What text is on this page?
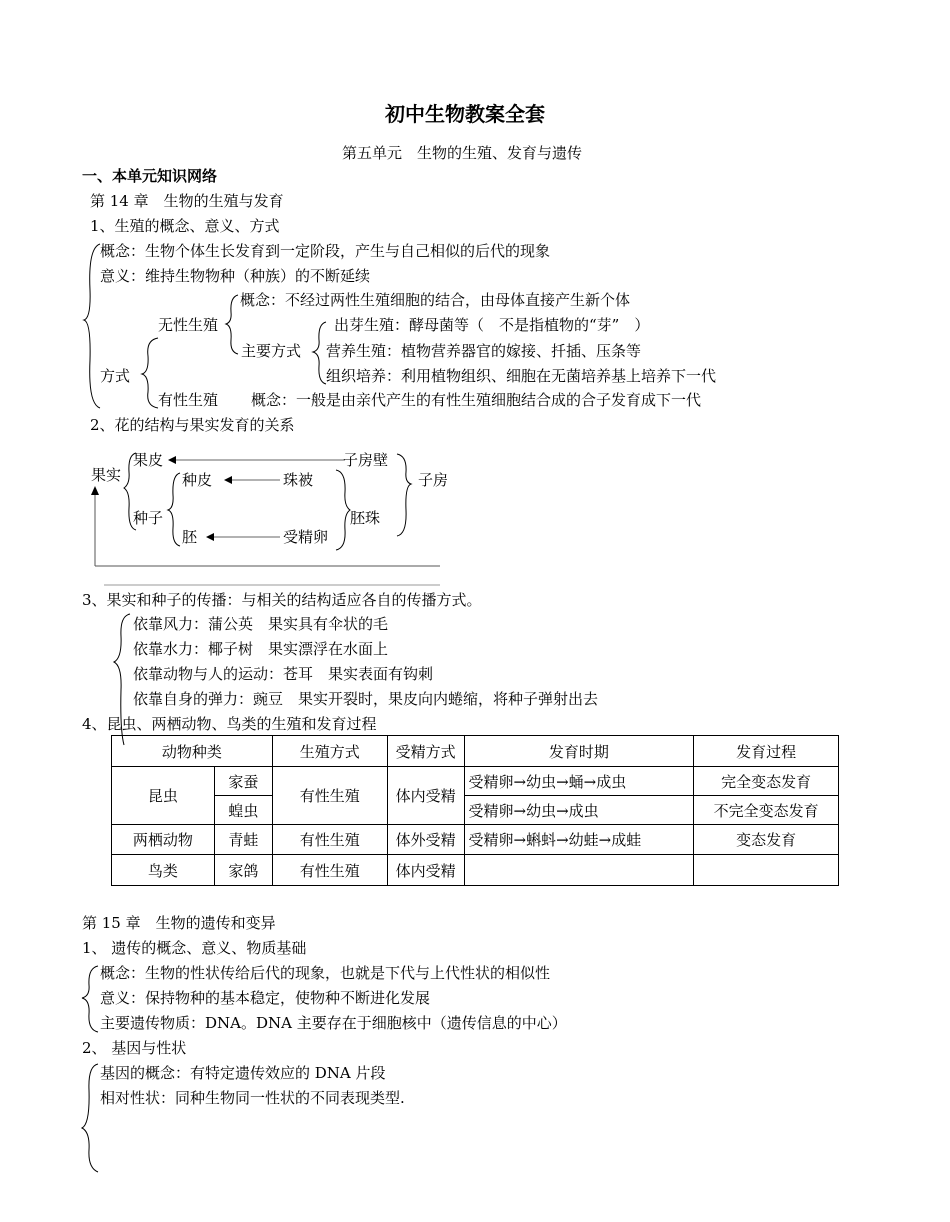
初中生物教案全套
第五单元　生物的生殖、发育与遗传
一、本单元知识网络
第 14 章　生物的生殖与发育
1、生殖的概念、意义、方式
概念：生物个体生长发育到一定阶段，产生与自己相似的后代的现象
意义：维持生物物种（种族）的不断延续
概念：不经过两性生殖细胞的结合，由母体直接产生新个体
无性生殖	出芽生殖：酵母菌等（　不是指植物的“芽”　）
主要方式 营养生殖：植物营养器官的嫁接、扦插、压条等
方式	组织培养：利用植物组织、细胞在无菌培养基上培养下一代
有性生殖 概念：一般是由亲代产生的有性生殖细胞结合成的合子发育成下一代
2、花的结构与果实发育的关系
果实
果皮	子房壁
种皮	珠被	子房
种子	胚珠
胚	受精卵
3、果实和种子的传播：与相关的结构适应各自的传播方式。
依靠风力：蒲公英　果实具有伞状的毛
依靠水力：椰子树　果实漂浮在水面上
依靠动物与人的运动：苍耳　果实表面有钩刺
依靠自身的弹力：豌豆　果实开裂时，果皮向内蜷缩，将种子弹射出去
4、昆虫、两栖动物、鸟类的生殖和发育过程
动物种类		生殖方式	受精方式	发育时期	发育过程
昆虫	家蚕	有性生殖	体内受精	受精卵→幼虫→蛹→成虫	完全变态发育
	蝗虫			受精卵→幼虫→成虫	不完全变态发育
两栖动物	青蛙	有性生殖	体外受精	受精卵→蝌蚪→幼蛙→成蛙	变态发育
鸟类	家鸽	有性生殖	体内受精		
第 15 章　生物的遗传和变异
1、 遗传的概念、意义、物质基础
概念：生物的性状传给后代的现象，也就是下代与上代性状的相似性
意义：保持物种的基本稳定，使物种不断进化发展
主要遗传物质：DNA。DNA 主要存在于细胞核中（遗传信息的中心）
2、 基因与性状
基因的概念：有特定遗传效应的 DNA 片段
相对性状：同种生物同一性状的不同表现类型.
